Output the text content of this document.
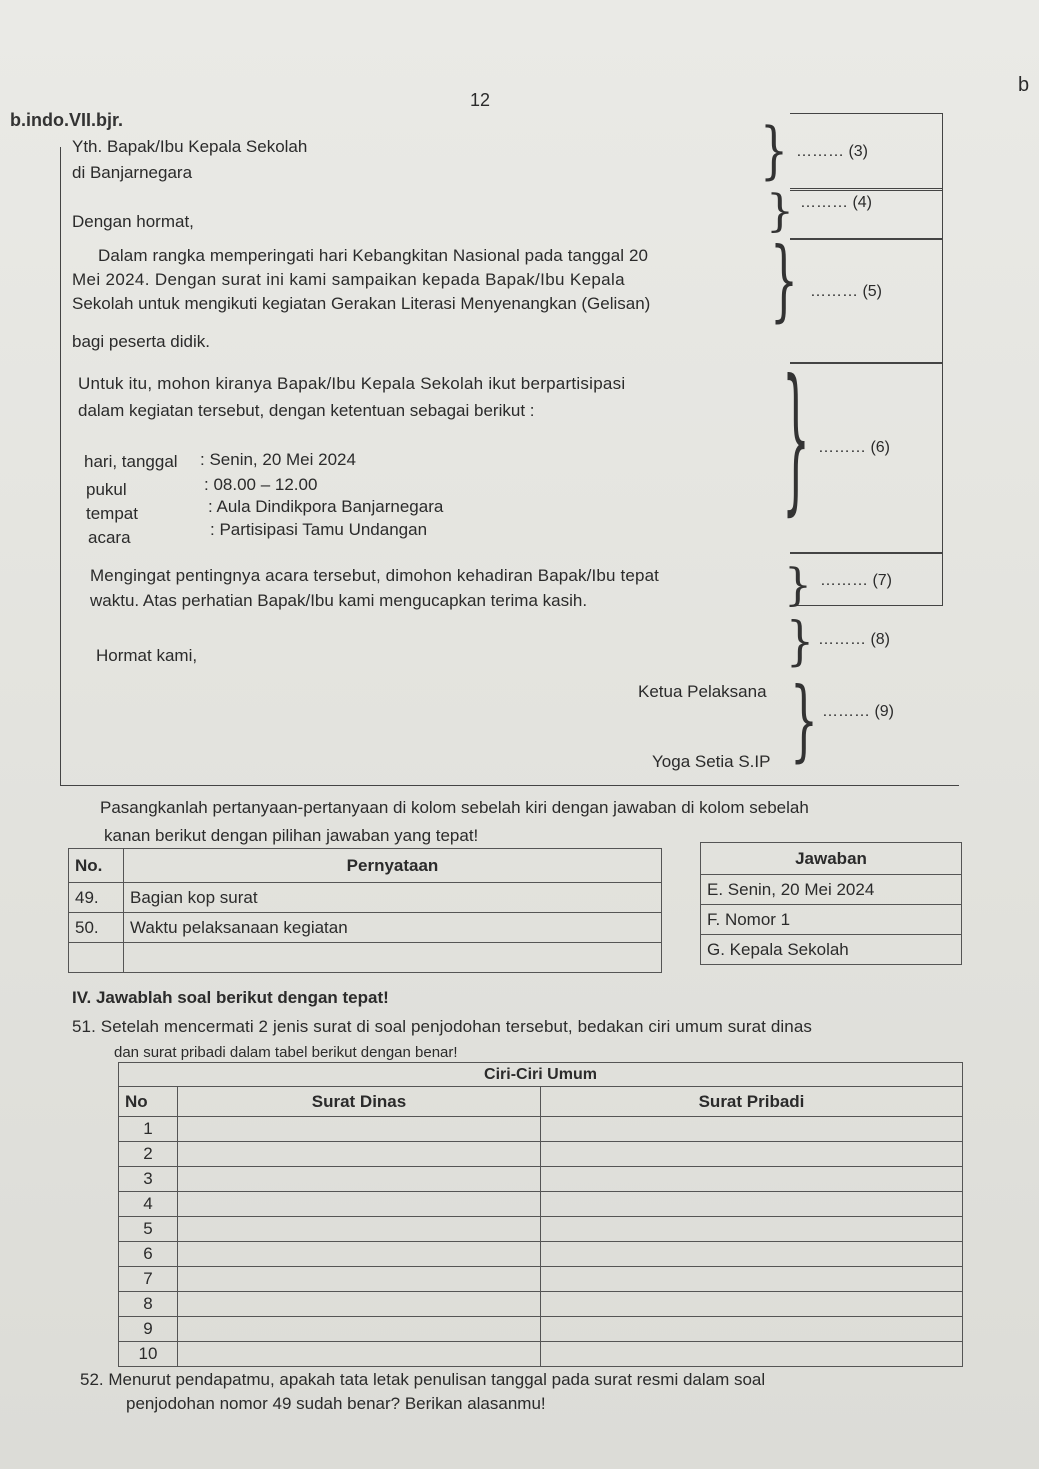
12
b
b.indo.VII.bjr.
Yth. Bapak/Ibu Kepala Sekolah
di Banjarnegara
Dengan hormat,
Dalam rangka memperingati hari Kebangkitan Nasional pada tanggal 20
Mei 2024. Dengan surat ini kami sampaikan kepada Bapak/Ibu Kepala
Sekolah untuk mengikuti kegiatan Gerakan Literasi Menyenangkan (Gelisan)
bagi peserta didik.
Untuk itu, mohon kiranya Bapak/Ibu Kepala Sekolah ikut berpartisipasi
dalam kegiatan tersebut, dengan ketentuan sebagai berikut :
hari, tanggal : Senin, 20 Mei 2024
pukul	: 08.00 – 12.00
tempat	: Aula Dindikpora Banjarnegara
acara	: Partisipasi Tamu Undangan
Mengingat pentingnya acara tersebut, dimohon kehadiran Bapak/Ibu tepat
waktu. Atas perhatian Bapak/Ibu kami mengucapkan terima kasih.
Hormat kami,
Ketua Pelaksana
Yoga Setia S.IP
}
}
}
}
}
}
}
……… (3)
……… (4)
……… (5)
……… (6)
……… (7)
……… (8)
……… (9)
Pasangkanlah pertanyaan-pertanyaan di kolom sebelah kiri dengan jawaban di kolom sebelah
kanan berikut dengan pilihan jawaban yang tepat!
No.	Pernyataan
49.	Bagian kop surat
50.	Waktu pelaksanaan kegiatan

Jawaban
E. Senin, 20 Mei 2024
F. Nomor 1
G. Kepala Sekolah
IV. Jawablah soal berikut dengan tepat!
51. Setelah mencermati 2 jenis surat di soal penjodohan tersebut, bedakan ciri umum surat dinas
dan surat pribadi dalam tabel berikut dengan benar!
Ciri-Ciri Umum		
No	Surat Dinas	Surat Pribadi
1		
2		
3		
4		
5		
6		
7		
8		
9		
10		
52. Menurut pendapatmu, apakah tata letak penulisan tanggal pada surat resmi dalam soal
penjodohan nomor 49 sudah benar? Berikan alasanmu!
